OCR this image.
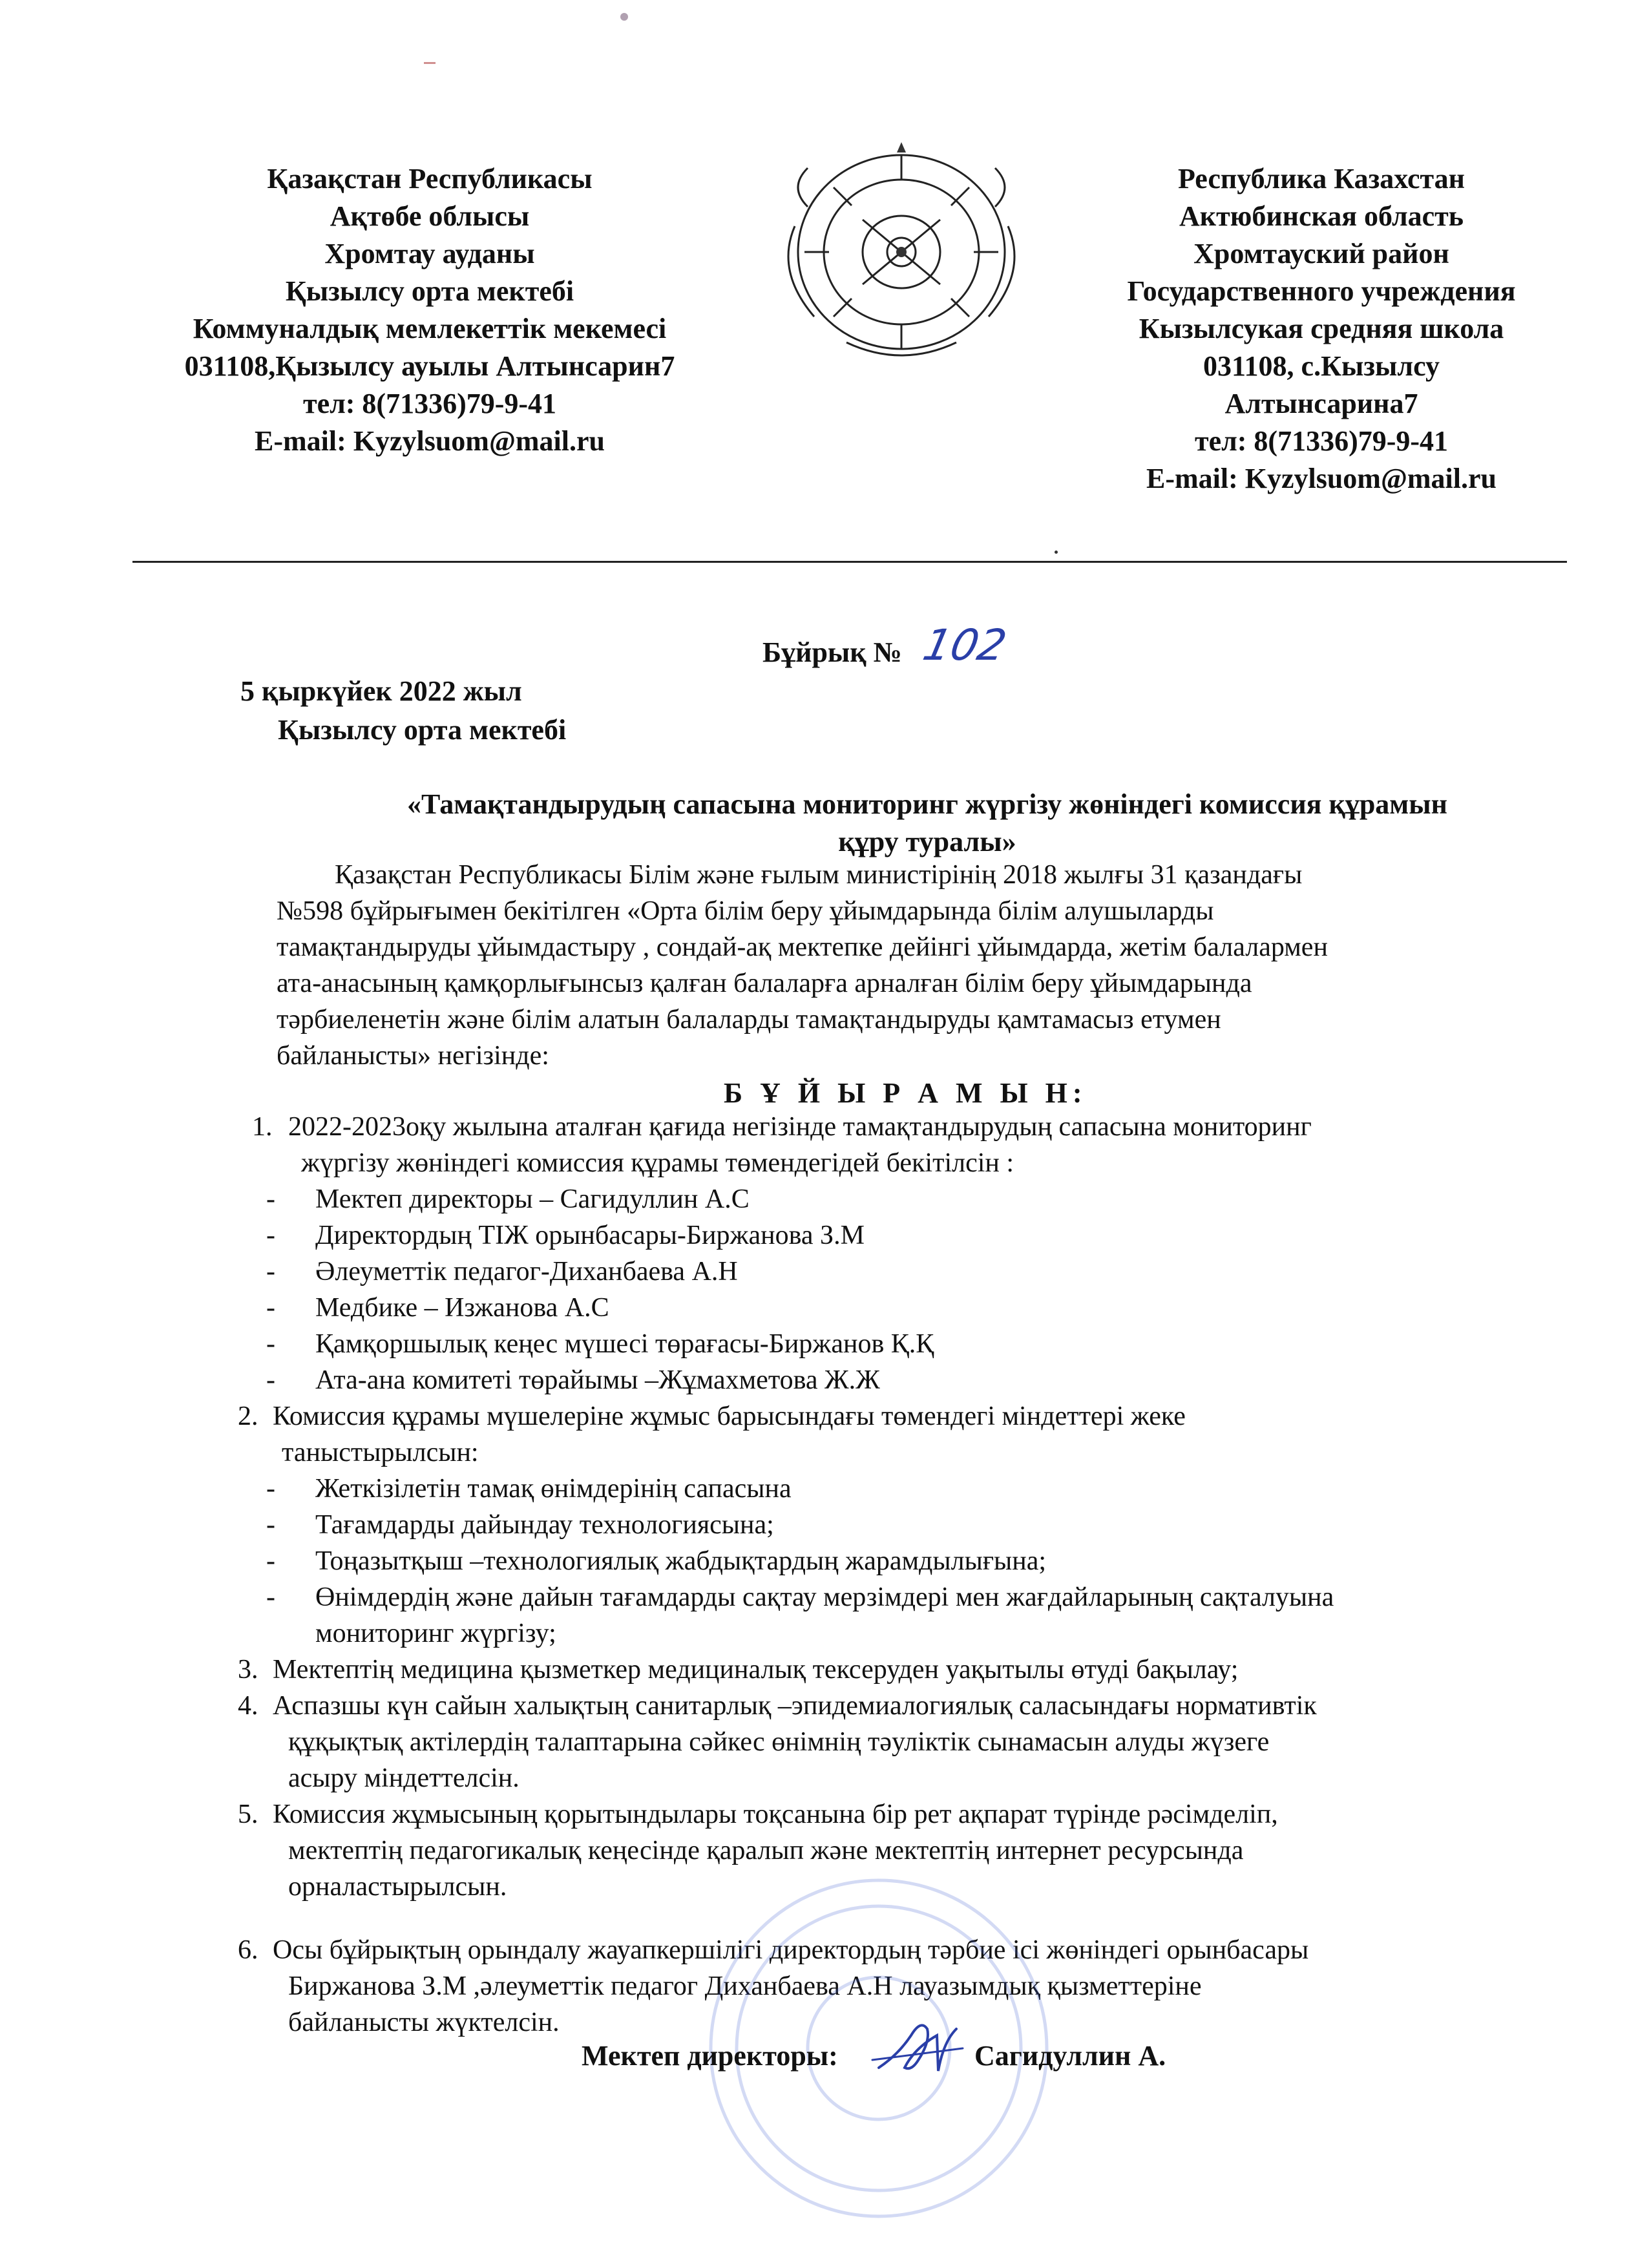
Қазақстан Республикасы
Ақтөбе облысы
Хромтау ауданы
Қызылсу орта мектебі
Коммуналдық мемлекеттік мекемесі
031108,Қызылсу ауылы Алтынсарин7
тел: 8(71336)79-9-41
E-mail: Kyzylsuom@mail.ru
Республика Казахстан
Актюбинская область
Хромтауский район
Государственного учреждения
Кызылсукая средняя школа
031108, с.Кызылсу
Алтынсарина7
тел: 8(71336)79-9-41
E-mail: Kyzylsuom@mail.ru
Бұйрық № 102
5 қыркүйек 2022 жыл
Қызылсу орта мектебі
«Тамақтандырудың сапасына мониторинг жүргізу жөніндегі комиссия құрамын
құру туралы»
Қазақстан Республикасы Білім және ғылым министірінің 2018 жылғы 31 қазандағы
№598 бұйрығымен бекітілген «Орта білім беру ұйымдарында білім алушыларды
тамақтандыруды ұйымдастыру , сондай-ақ мектепке дейінгі ұйымдарда, жетім балалармен
ата-анасының қамқорлығынсыз қалған балаларға арналған білім беру ұйымдарында
тәрбиеленетін және білім алатын балаларды тамақтандыруды қамтамасыз етумен
байланысты» негізінде:
Б Ұ Й Ы Р А М Ы Н:
1. 2022-2023оқу жылына аталған қағида негізінде тамақтандырудың сапасына мониторинг
жүргізу жөніндегі комиссия құрамы төмендегідей бекітілсін :
- Мектеп директоры – Сагидуллин А.С
- Директордың ТІЖ орынбасары-Биржанова З.М
- Әлеуметтік педагог-Диханбаева А.Н
- Медбике – Изжанова А.С
- Қамқоршылық кеңес мүшесі төрағасы-Биржанов Қ.Қ
- Ата-ана комитеті төрайымы –Жұмахметова Ж.Ж
2. Комиссия құрамы мүшелеріне жұмыс барысындағы төмендегі міндеттері жеке
таныстырылсын:
- Жеткізілетін тамақ өнімдерінің сапасына
- Тағамдарды дайындау технологиясына;
- Тоңазытқыш –технологиялық жабдықтардың жарамдылығына;
- Өнімдердің және дайын тағамдарды сақтау мерзімдері мен жағдайларының сақталуына
мониторинг жүргізу;
3. Мектептің медицина қызметкер медициналық тексеруден уақытылы өтуді бақылау;
4. Аспазшы күн сайын халықтың санитарлық –эпидемиалогиялық саласындағы нормативтік
құқықтық актілердің талаптарына сәйкес өнімнің тәуліктік сынамасын алуды жүзеге
асыру міндеттелсін.
5. Комиссия жұмысының қорытындылары тоқсанына бір рет ақпарат түрінде рәсімделіп,
мектептің педагогикалық кеңесінде қаралып және мектептің интернет ресурсында
орналастырылсын.
6. Осы бұйрықтың орындалу жауапкершілігі директордың тәрбие ісі жөніндегі орынбасары
Биржанова З.М ,әлеуметтік педагог Диханбаева А.Н лауазымдық қызметтеріне
байланысты жүктелсін.
Мектеп директоры:	Сагидуллин А.
